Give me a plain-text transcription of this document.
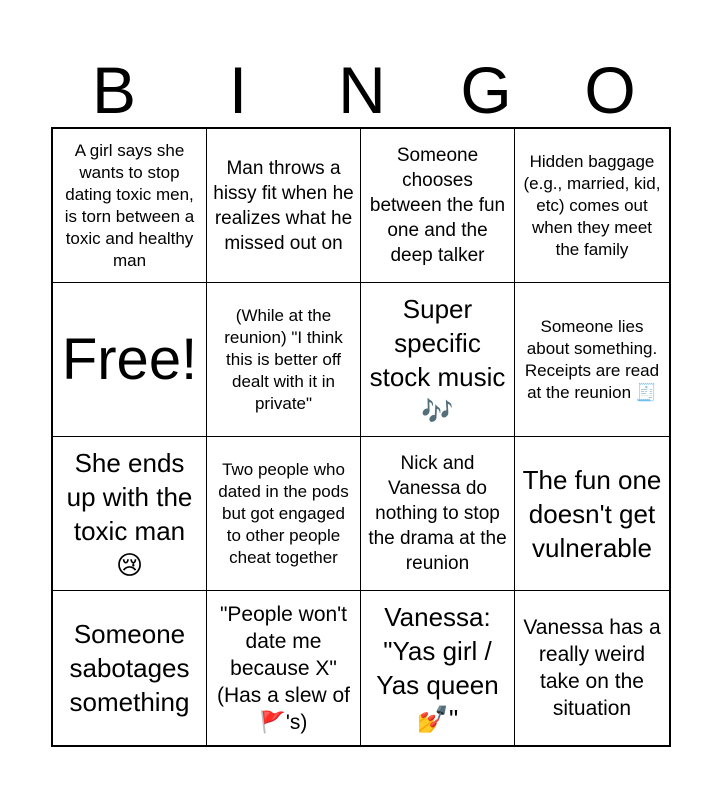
B	I	N	G	O
A girl says she wants to stop dating toxic men, is torn between a toxic and healthy man
Man throws a hissy fit when he realizes what he missed out on
Someone chooses between the fun one and the deep talker
Hidden baggage (e.g., married, kid, etc) comes out when they meet the family
Free!
(While at the reunion) "I think this is better off dealt with it in private"
Super specific stock music 🎶
Someone lies about something. Receipts are read at the reunion 🧾
She ends up with the toxic man 😢
Two people who dated in the pods but got engaged to other people cheat together
Nick and Vanessa do nothing to stop the drama at the reunion
The fun one doesn't get vulnerable
Someone sabotages something
"People won't date me because X" (Has a slew of 🚩's)
Vanessa: "Yas girl / Yas queen 💅"
Vanessa has a really weird take on the situation
